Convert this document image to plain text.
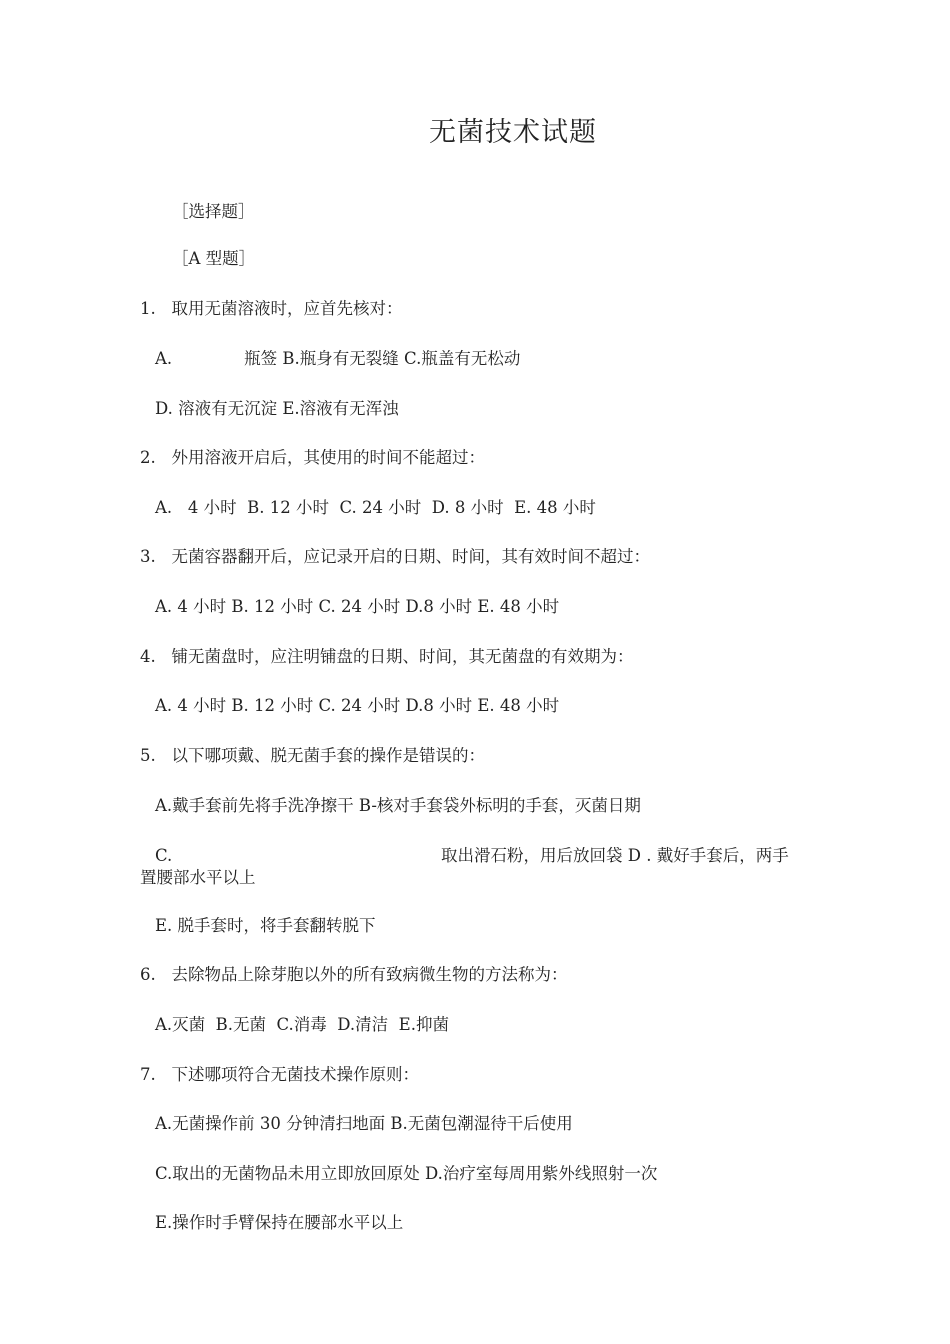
无菌技术试题
［选择题］
［A 型题］
1. 取用无菌溶液时，应首先核对：
A.	瓶签 B.瓶身有无裂缝 C.瓶盖有无松动
D. 溶液有无沉淀 E.溶液有无浑浊
2. 外用溶液开启后，其使用的时间不能超过：
A.   4 小时  B. 12 小时  C. 24 小时  D. 8 小时  E. 48 小时
3. 无菌容器翻开后，应记录开启的日期、时间，其有效时间不超过：
A. 4 小时 B. 12 小时 C. 24 小时 D.8 小时 E. 48 小时
4. 铺无菌盘时，应注明铺盘的日期、时间，其无菌盘的有效期为：
A. 4 小时 B. 12 小时 C. 24 小时 D.8 小时 E. 48 小时
5. 以下哪项戴、脱无菌手套的操作是错误的：
A.戴手套前先将手洗净擦干 B-核对手套袋外标明的手套，灭菌日期
C.	取出滑石粉，用后放回袋 D . 戴好手套后，两手
置腰部水平以上
E. 脱手套时，将手套翻转脱下
6. 去除物品上除芽胞以外的所有致病微生物的方法称为：
A.灭菌  B.无菌  C.消毒  D.清洁  E.抑菌
7. 下述哪项符合无菌技术操作原则：
A.无菌操作前 30 分钟清扫地面 B.无菌包潮湿待干后使用
C.取出的无菌物品未用立即放回原处 D.治疗室每周用紫外线照射一次
E.操作时手臂保持在腰部水平以上
